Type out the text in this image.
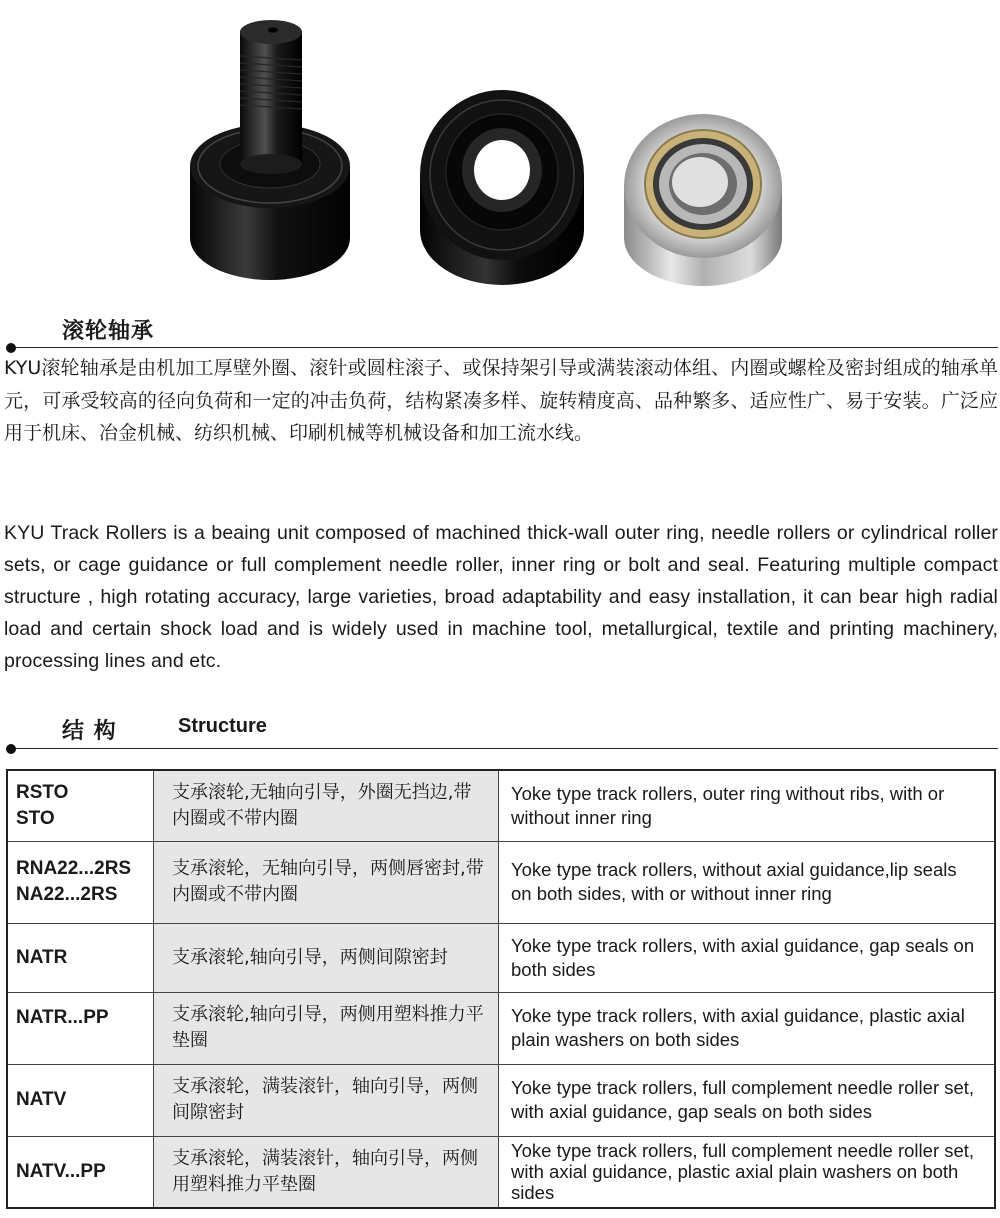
滚轮轴承
KYU滚轮轴承是由机加工厚壁外圈、滚针或圆柱滚子、或保持架引导或满装滚动体组、内圈或螺栓及密封组成的轴承单元，可承受较高的径向负荷和一定的冲击负荷，结构紧凑多样、旋转精度高、品种繁多、适应性广、易于安装。广泛应用于机床、冶金机械、纺织机械、印刷机械等机械设备和加工流水线。
KYU Track Rollers is a beaing unit composed of machined thick-wall outer ring, needle rollers or cylindrical roller sets, or cage guidance or full complement needle roller, inner ring or bolt and seal. Featuring multiple compact structure , high rotating accuracy, large varieties, broad adaptability and easy installation, it can bear high radial load and certain shock load and is widely used in machine tool, metallurgical, textile and printing machinery, processing lines and etc.
结 构	Structure
RSTO
STO	支承滚轮,无轴向引导，外圈无挡边,带内圈或不带内圈	Yoke type track rollers, outer ring without ribs, with or without inner ring

RNA22...2RS
NA22...2RS	支承滚轮，无轴向引导，两侧唇密封,带内圈或不带内圈	Yoke type track rollers, without axial guidance,lip seals on both sides, with or without inner ring

NATR	支承滚轮,轴向引导，两侧间隙密封	Yoke type track rollers, with axial guidance, gap seals on both sides

NATR...PP	支承滚轮,轴向引导，两侧用塑料推力平垫圈	Yoke type track rollers, with axial guidance, plastic axial plain washers on both sides

NATV	支承滚轮，满装滚针，轴向引导，两侧间隙密封	Yoke type track rollers, full complement needle roller set, with axial guidance, gap seals on both sides

NATV...PP	支承滚轮，满装滚针，轴向引导，两侧用塑料推力平垫圈	Yoke type track rollers, full complement needle roller set, with axial guidance, plastic axial plain washers on both sides
